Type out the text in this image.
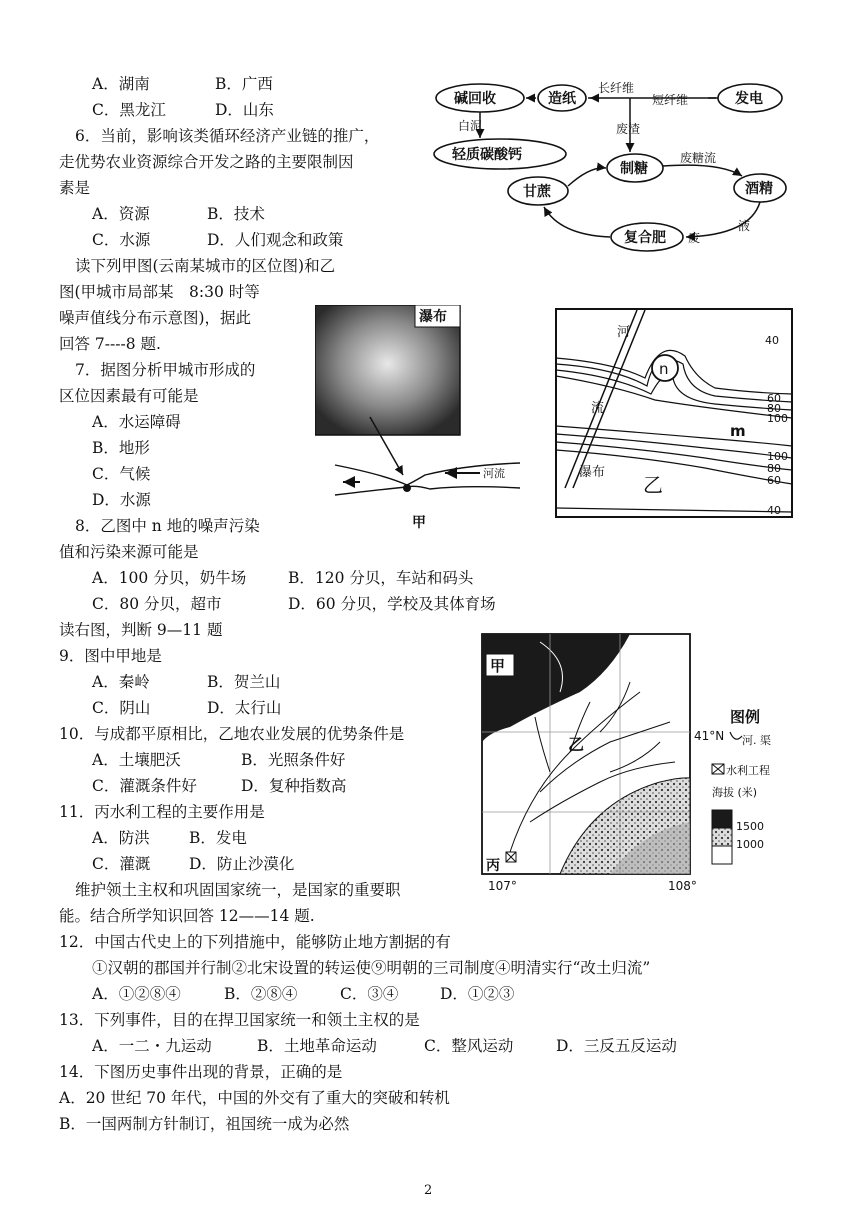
A．湖南	B．广西
C．黑龙江	D．山东
6．当前，影响该类循环经济产业链的推广，
走优势农业资源综合开发之路的主要限制因
素是
A．资源	B．技术
C．水源	D．人们观念和政策
读下列甲图(云南某城市的区位图)和乙
图(甲城市局部某　8:30 时等
噪声值线分布示意图)，据此
回答 7----8 题.
7．据图分析甲城市形成的
区位因素最有可能是
A．水运障碍
B．地形
C．气候
D．水源
8．乙图中 n 地的噪声污染
值和污染来源可能是
A．100 分贝，奶牛场	B．120 分贝，车站和码头
C．80 分贝，超市	D．60 分贝，学校及其体育场
读右图，判断 9—11 题
9．图中甲地是
A．秦岭	B．贺兰山
C．阴山	D．太行山
10．与成都平原相比，乙地农业发展的优势条件是
A．土壤肥沃	B．光照条件好
C．灌溉条件好	D．复种指数高
11．丙水利工程的主要作用是
A．防洪	B．发电
C．灌溉 D．防止沙漠化
维护领土主权和巩固国家统一，是国家的重要职
能。结合所学知识回答 12——14 题.
12．中国古代史上的下列措施中，能够防止地方割据的有
①汉朝的郡国并行制②北宋设置的转运使⑨明朝的三司制度④明清实行“改土归流”
A．①②⑧④	B．②⑧④	C．③④	D．①②③
13．下列事件，目的在捍卫国家统一和领土主权的是
A．一二・九运动	B．土地革命运动	C．整风运动	D．三反五反运动
14．下图历史事件出现的背景，正确的是
A．20 世纪 70 年代，中国的外交有了重大的突破和转机
B．一国两制方针制订，祖国统一成为必然
2
碱回收	造纸	发电
轻质碳酸钙
制糖
甘蔗	酒精
复合肥
长纤维
短纤维
废渣
白泥
废糖流
液
废
瀑布
河流
甲
n
河
流
瀑布
乙
m
40
60
80
100
100
80
60
40
甲
乙
丙
107°	108°
41°N
图例
河. 渠
水利工程
海拔 (米)
1500
1000
